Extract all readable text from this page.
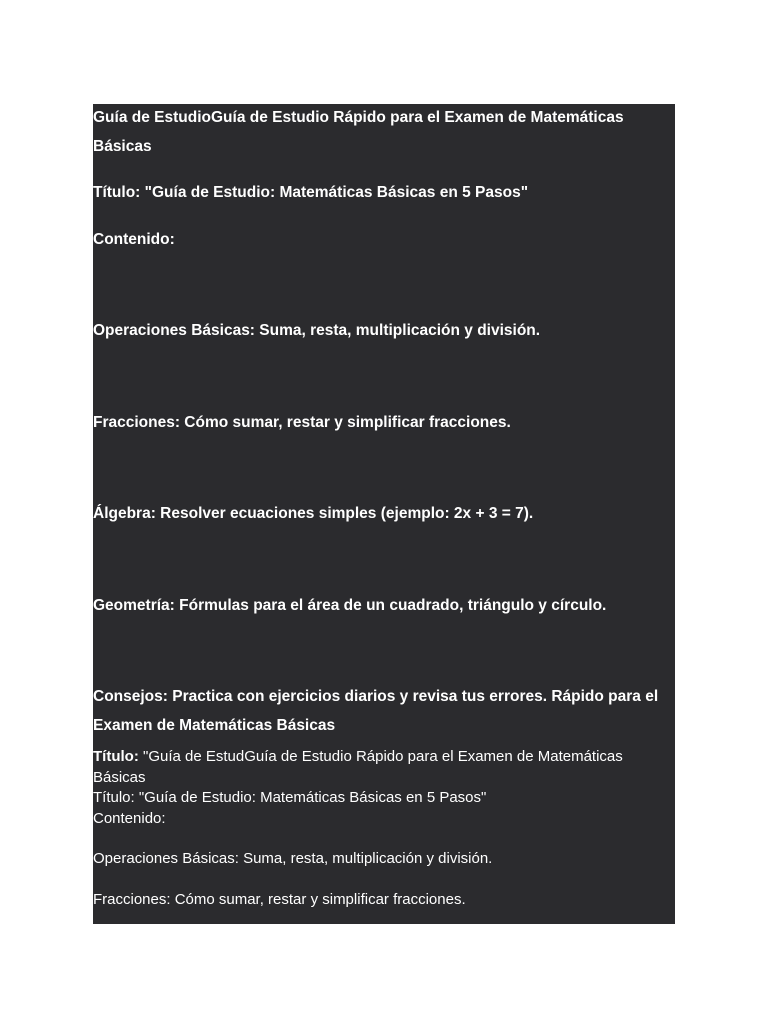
Guía de EstudioGuía de Estudio Rápido para el Examen de Matemáticas Básicas

Título: "Guía de Estudio: Matemáticas Básicas en 5 Pasos"

Contenido:

Operaciones Básicas: Suma, resta, multiplicación y división.

Fracciones: Cómo sumar, restar y simplificar fracciones.

Álgebra: Resolver ecuaciones simples (ejemplo: 2x + 3 = 7).

Geometría: Fórmulas para el área de un cuadrado, triángulo y círculo.

Consejos: Practica con ejercicios diarios y revisa tus errores. Rápido para el Examen de Matemáticas Básicas

Título: "Guía de EstudGuía de Estudio Rápido para el Examen de Matemáticas Básicas

Título: "Guía de Estudio: Matemáticas Básicas en 5 Pasos"

Contenido:

Operaciones Básicas: Suma, resta, multiplicación y división.

Fracciones: Cómo sumar, restar y simplificar fracciones.
